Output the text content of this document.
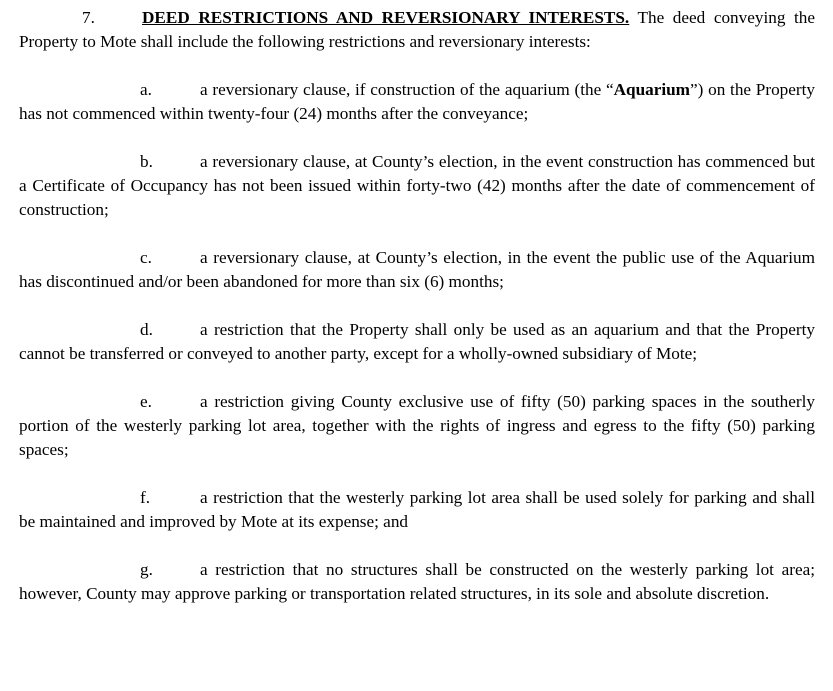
7.	DEED RESTRICTIONS AND REVERSIONARY INTERESTS. The deed conveying the Property to Mote shall include the following restrictions and reversionary interests:

a.	a reversionary clause, if construction of the aquarium (the “Aquarium”) on the Property has not commenced within twenty-four (24) months after the conveyance;

b.	a reversionary clause, at County’s election, in the event construction has commenced but a Certificate of Occupancy has not been issued within forty-two (42) months after the date of commencement of construction;

c.	a reversionary clause, at County’s election, in the event the public use of the Aquarium has discontinued and/or been abandoned for more than six (6) months;

d.	a restriction that the Property shall only be used as an aquarium and that the Property cannot be transferred or conveyed to another party, except for a wholly-owned subsidiary of Mote;

e.	a restriction giving County exclusive use of fifty (50) parking spaces in the southerly portion of the westerly parking lot area, together with the rights of ingress and egress to the fifty (50) parking spaces;

f.	a restriction that the westerly parking lot area shall be used solely for parking and shall be maintained and improved by Mote at its expense; and

g.	a restriction that no structures shall be constructed on the westerly parking lot area; however, County may approve parking or transportation related structures, in its sole and absolute discretion.
